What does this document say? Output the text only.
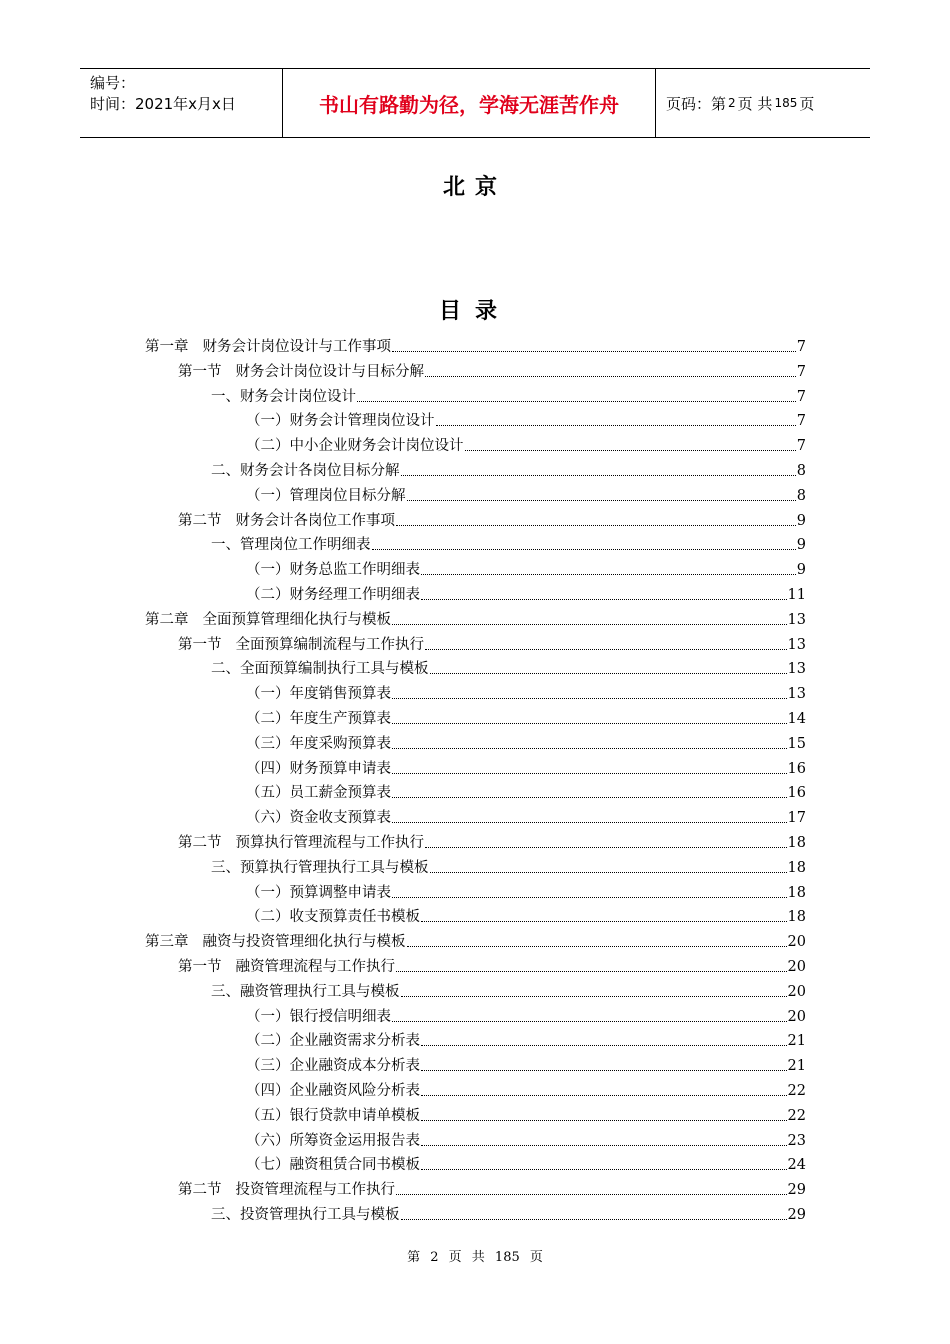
编号：
时间：2021年x月x日	书山有路勤为径，学海无涯苦作舟	页码：第 2 页 共 185 页
北京
目录
第一章 财务会计岗位设计与工作事项	7
第一节 财务会计岗位设计与目标分解	7
一、财务会计岗位设计	7
（一）财务会计管理岗位设计	7
（二）中小企业财务会计岗位设计	7
二、财务会计各岗位目标分解	8
（一）管理岗位目标分解	8
第二节 财务会计各岗位工作事项	9
一、管理岗位工作明细表	9
（一）财务总监工作明细表	9
（二）财务经理工作明细表	11
第二章 全面预算管理细化执行与模板	13
第一节 全面预算编制流程与工作执行	13
二、全面预算编制执行工具与模板	13
（一）年度销售预算表	13
（二）年度生产预算表	14
（三）年度采购预算表	15
（四）财务预算申请表	16
（五）员工薪金预算表	16
（六）资金收支预算表	17
第二节 预算执行管理流程与工作执行	18
三、预算执行管理执行工具与模板	18
（一）预算调整申请表	18
（二）收支预算责任书模板	18
第三章 融资与投资管理细化执行与模板	20
第一节 融资管理流程与工作执行	20
三、融资管理执行工具与模板	20
（一）银行授信明细表	20
（二）企业融资需求分析表	21
（三）企业融资成本分析表	21
（四）企业融资风险分析表	22
（五）银行贷款申请单模板	22
（六）所筹资金运用报告表	23
（七）融资租赁合同书模板	24
第二节 投资管理流程与工作执行	29
三、投资管理执行工具与模板	29
第 2 页 共 185 页
